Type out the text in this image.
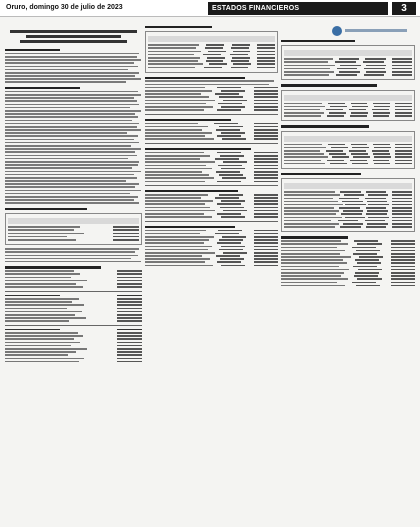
Oruro, domingo 30 de julio de 2023	ESTADOS FINANCIEROS	3
